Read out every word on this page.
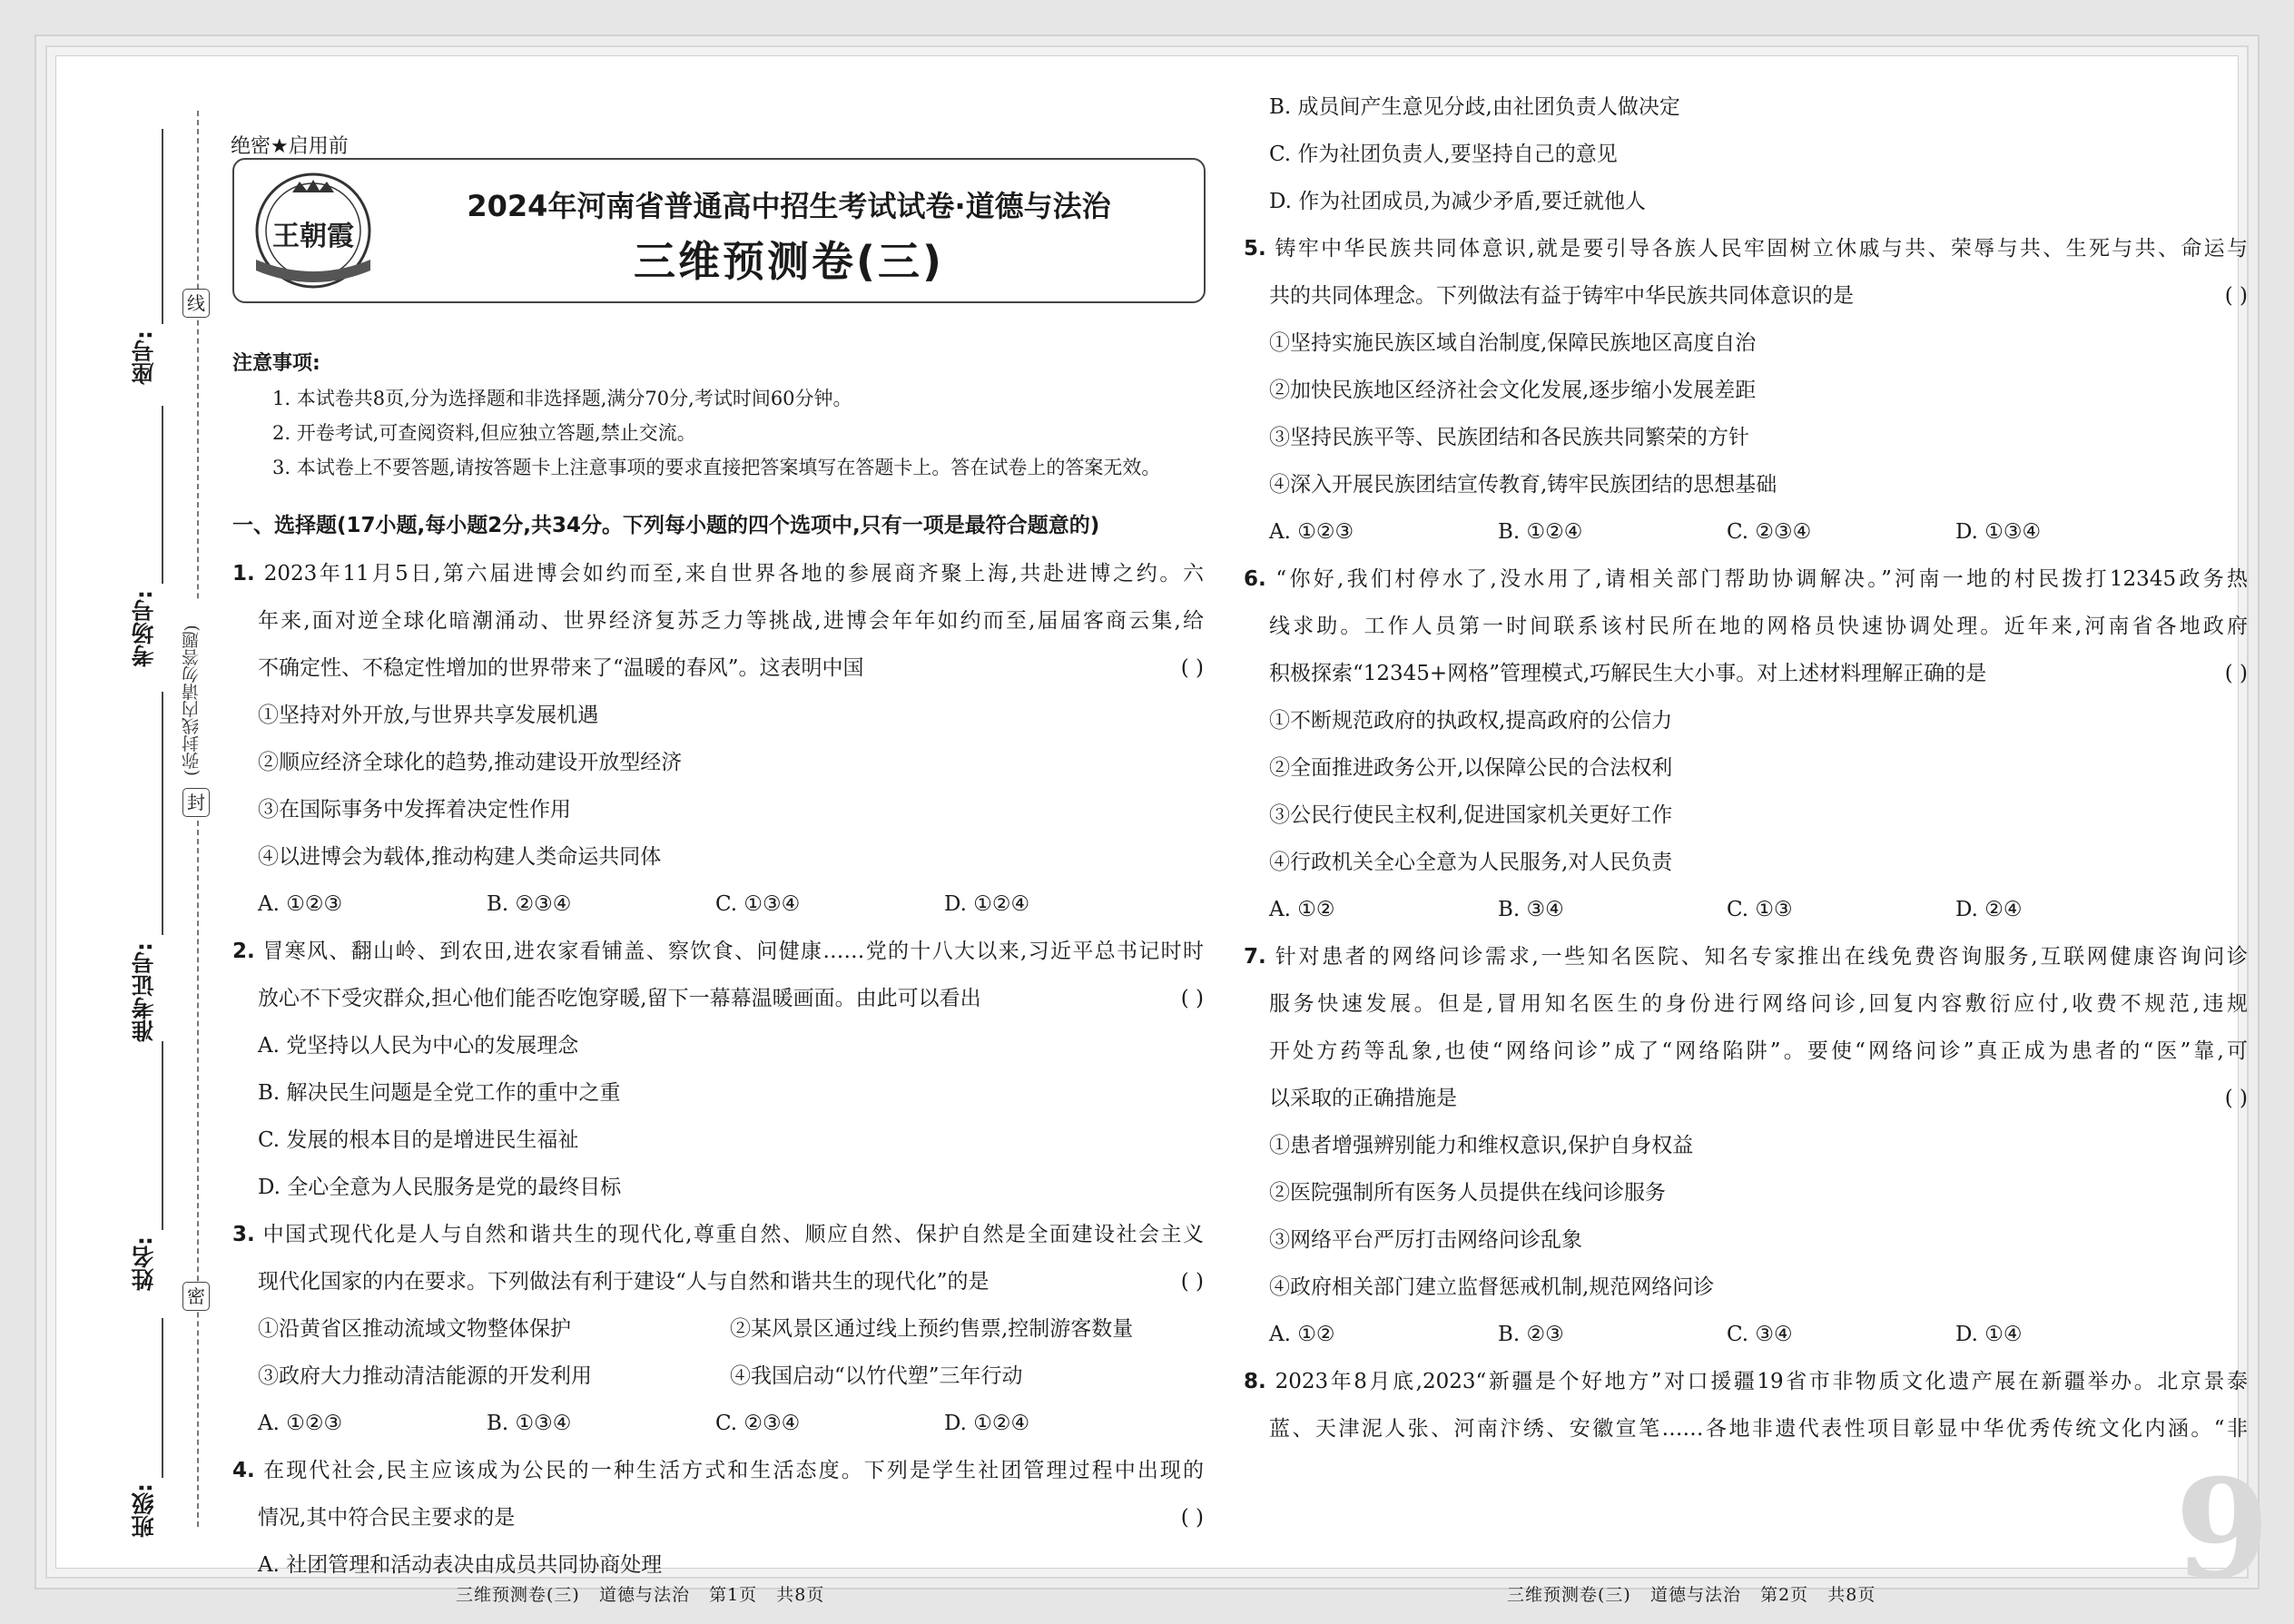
座号:
考场号:
准考证号:
姓名:
班级:
线
(弥封线内请勿答题)
封
密
绝密★启用前
王朝霞
2024年河南省普通高中招生考试试卷·道德与法治
三维预测卷(三)
注意事项:
1. 本试卷共8页,分为选择题和非选择题,满分70分,考试时间60分钟。
2. 开卷考试,可查阅资料,但应独立答题,禁止交流。
3. 本试卷上不要答题,请按答题卡上注意事项的要求直接把答案填写在答题卡上。答在试卷上的答案无效。
一、选择题(17小题,每小题2分,共34分。下列每小题的四个选项中,只有一项是最符合题意的)
1. 2023年11月5日,第六届进博会如约而至,来自世界各地的参展商齐聚上海,共赴进博之约。六
年来,面对逆全球化暗潮涌动、世界经济复苏乏力等挑战,进博会年年如约而至,届届客商云集,给
不确定性、不稳定性增加的世界带来了“温暖的春风”。这表明中国	( )
①坚持对外开放,与世界共享发展机遇
②顺应经济全球化的趋势,推动建设开放型经济
③在国际事务中发挥着决定性作用
④以进博会为载体,推动构建人类命运共同体
A. ①②③	B. ②③④	C. ①③④	D. ①②④
2. 冒寒风、翻山岭、到农田,进农家看铺盖、察饮食、问健康……党的十八大以来,习近平总书记时时
放心不下受灾群众,担心他们能否吃饱穿暖,留下一幕幕温暖画面。由此可以看出	( )
A. 党坚持以人民为中心的发展理念
B. 解决民生问题是全党工作的重中之重
C. 发展的根本目的是增进民生福祉
D. 全心全意为人民服务是党的最终目标
3. 中国式现代化是人与自然和谐共生的现代化,尊重自然、顺应自然、保护自然是全面建设社会主义
现代化国家的内在要求。下列做法有利于建设“人与自然和谐共生的现代化”的是	( )
①沿黄省区推动流域文物整体保护	②某风景区通过线上预约售票,控制游客数量
③政府大力推动清洁能源的开发利用	④我国启动“以竹代塑”三年行动
A. ①②③	B. ①③④	C. ②③④	D. ①②④
4. 在现代社会,民主应该成为公民的一种生活方式和生活态度。下列是学生社团管理过程中出现的
情况,其中符合民主要求的是	( )
A. 社团管理和活动表决由成员共同协商处理
B. 成员间产生意见分歧,由社团负责人做决定
C. 作为社团负责人,要坚持自己的意见
D. 作为社团成员,为减少矛盾,要迁就他人
5. 铸牢中华民族共同体意识,就是要引导各族人民牢固树立休戚与共、荣辱与共、生死与共、命运与
共的共同体理念。下列做法有益于铸牢中华民族共同体意识的是	( )
①坚持实施民族区域自治制度,保障民族地区高度自治
②加快民族地区经济社会文化发展,逐步缩小发展差距
③坚持民族平等、民族团结和各民族共同繁荣的方针
④深入开展民族团结宣传教育,铸牢民族团结的思想基础
A. ①②③	B. ①②④	C. ②③④	D. ①③④
6. “你好,我们村停水了,没水用了,请相关部门帮助协调解决。”河南一地的村民拨打12345政务热
线求助。工作人员第一时间联系该村民所在地的网格员快速协调处理。近年来,河南省各地政府
积极探索“12345+网格”管理模式,巧解民生大小事。对上述材料理解正确的是	( )
①不断规范政府的执政权,提高政府的公信力
②全面推进政务公开,以保障公民的合法权利
③公民行使民主权利,促进国家机关更好工作
④行政机关全心全意为人民服务,对人民负责
A. ①②	B. ③④	C. ①③	D. ②④
7. 针对患者的网络问诊需求,一些知名医院、知名专家推出在线免费咨询服务,互联网健康咨询问诊
服务快速发展。但是,冒用知名医生的身份进行网络问诊,回复内容敷衍应付,收费不规范,违规
开处方药等乱象,也使“网络问诊”成了“网络陷阱”。要使“网络问诊”真正成为患者的“医”靠,可
以采取的正确措施是	( )
①患者增强辨别能力和维权意识,保护自身权益
②医院强制所有医务人员提供在线问诊服务
③网络平台严厉打击网络问诊乱象
④政府相关部门建立监督惩戒机制,规范网络问诊
A. ①②	B. ②③	C. ③④	D. ①④
8. 2023年8月底,2023“新疆是个好地方”对口援疆19省市非物质文化遗产展在新疆举办。北京景泰
蓝、天津泥人张、河南汴绣、安徽宣笔……各地非遗代表性项目彰显中华优秀传统文化内涵。“非
9
三维预测卷(三)   道德与法治   第1页   共8页	三维预测卷(三)   道德与法治   第2页   共8页
